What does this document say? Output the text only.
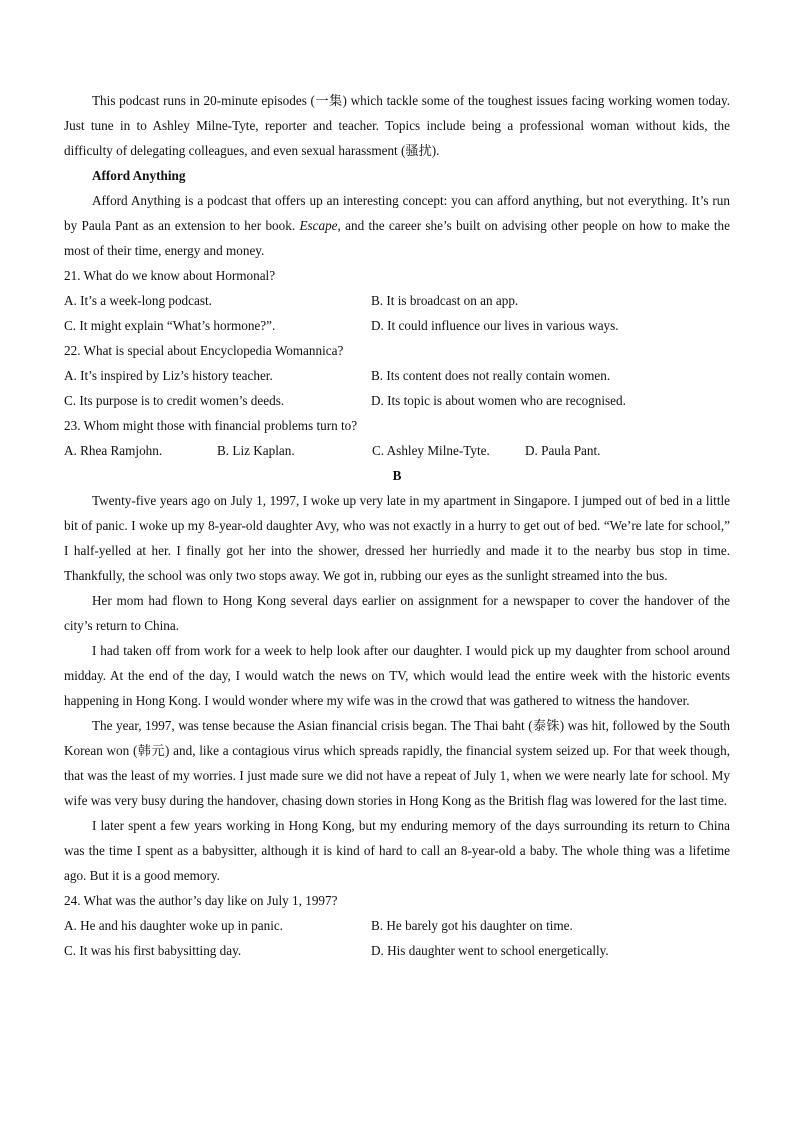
This podcast runs in 20-minute episodes (一集) which tackle some of the toughest issues facing working women today. Just tune in to Ashley Milne-Tyte, reporter and teacher. Topics include being a professional woman without kids, the difficulty of delegating colleagues, and even sexual harassment (骚扰).

Afford Anything

Afford Anything is a podcast that offers up an interesting concept: you can afford anything, but not everything. It’s run by Paula Pant as an extension to her book. Escape, and the career she’s built on advising other people on how to make the most of their time, energy and money.

21. What do we know about Hormonal?

A. It’s a week-long podcast.	B. It is broadcast on an app.
C. It might explain “What’s hormone?”.	D. It could influence our lives in various ways.

22. What is special about Encyclopedia Womannica?

A. It’s inspired by Liz’s history teacher.	B. Its content does not really contain women.
C. Its purpose is to credit women’s deeds.	D. Its topic is about women who are recognised.

23. Whom might those with financial problems turn to?

A. Rhea Ramjohn.	B. Liz Kaplan.	C. Ashley Milne-Tyte.	D. Paula Pant.

B

Twenty-five years ago on July 1, 1997, I woke up very late in my apartment in Singapore. I jumped out of bed in a little bit of panic. I woke up my 8-year-old daughter Avy, who was not exactly in a hurry to get out of bed. “We’re late for school,” I half-yelled at her. I finally got her into the shower, dressed her hurriedly and made it to the nearby bus stop in time. Thankfully, the school was only two stops away. We got in, rubbing our eyes as the sunlight streamed into the bus.

Her mom had flown to Hong Kong several days earlier on assignment for a newspaper to cover the handover of the city’s return to China.

I had taken off from work for a week to help look after our daughter. I would pick up my daughter from school around midday. At the end of the day, I would watch the news on TV, which would lead the entire week with the historic events happening in Hong Kong. I would wonder where my wife was in the crowd that was gathered to witness the handover.

The year, 1997, was tense because the Asian financial crisis began. The Thai baht (泰铢) was hit, followed by the South Korean won (韩元) and, like a contagious virus which spreads rapidly, the financial system seized up. For that week though, that was the least of my worries. I just made sure we did not have a repeat of July 1, when we were nearly late for school. My wife was very busy during the handover, chasing down stories in Hong Kong as the British flag was lowered for the last time.

I later spent a few years working in Hong Kong, but my enduring memory of the days surrounding its return to China was the time I spent as a babysitter, although it is kind of hard to call an 8-year-old a baby. The whole thing was a lifetime ago. But it is a good memory.

24. What was the author’s day like on July 1, 1997?

A. He and his daughter woke up in panic.	B. He barely got his daughter on time.
C. It was his first babysitting day.	D. His daughter went to school energetically.
